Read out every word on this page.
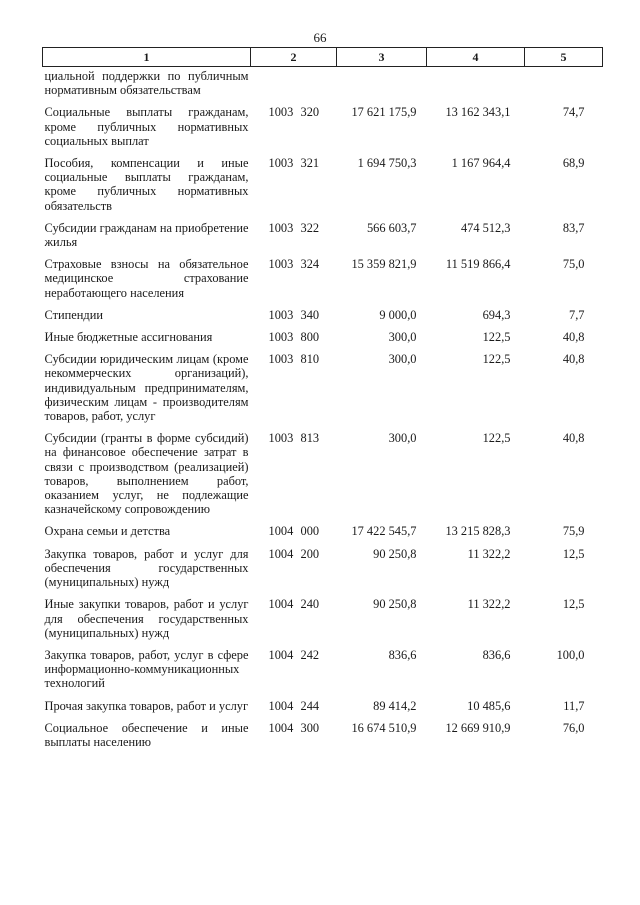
66
1	2	3	4	5
циальной поддержки по публичным нормативным обязательствам				
Социальные выплаты гражданам, кроме публичных нормативных социальных выплат	1003 320	17 621 175,9	13 162 343,1	74,7
Пособия, компенсации и иные социальные выплаты гражданам, кроме публичных нормативных обязательств	1003 321	1 694 750,3	1 167 964,4	68,9
Субсидии гражданам на приобретение жилья	1003 322	566 603,7	474 512,3	83,7
Страховые взносы на обязательное медицинское страхование неработающего населения	1003 324	15 359 821,9	11 519 866,4	75,0
Стипендии	1003 340	9 000,0	694,3	7,7
Иные бюджетные ассигнования	1003 800	300,0	122,5	40,8
Субсидии юридическим лицам (кроме некоммерческих организаций), индивидуальным предпринимателям, физическим лицам - производителям товаров, работ, услуг	1003 810	300,0	122,5	40,8
Субсидии (гранты в форме субсидий) на финансовое обеспечение затрат в связи с производством (реализацией) товаров, выполнением работ, оказанием услуг, не подлежащие казначейскому сопровождению	1003 813	300,0	122,5	40,8
Охрана семьи и детства	1004 000	17 422 545,7	13 215 828,3	75,9
Закупка товаров, работ и услуг для обеспечения государственных (муниципальных) нужд	1004 200	90 250,8	11 322,2	12,5
Иные закупки товаров, работ и услуг для обеспечения государственных (муниципальных) нужд	1004 240	90 250,8	11 322,2	12,5
Закупка товаров, работ, услуг в сфере информационно-коммуникационных технологий	1004 242	836,6	836,6	100,0
Прочая закупка товаров, работ и услуг	1004 244	89 414,2	10 485,6	11,7
Социальное обеспечение и иные выплаты населению	1004 300	16 674 510,9	12 669 910,9	76,0
